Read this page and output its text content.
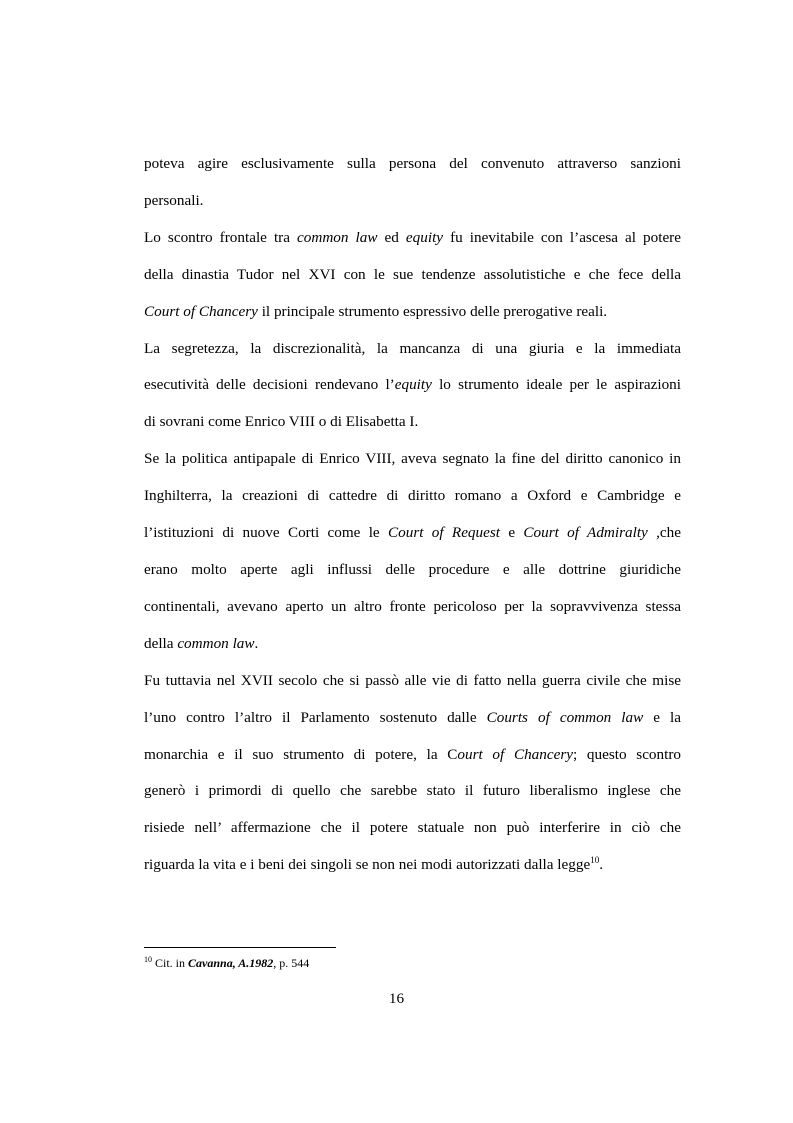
poteva agire esclusivamente sulla persona del convenuto attraverso sanzioni
personali.

Lo scontro frontale tra common law ed equity fu inevitabile con l’ascesa al potere
della dinastia Tudor nel XVI con le sue tendenze assolutistiche e che fece della
Court of Chancery il principale strumento espressivo delle prerogative reali.

La segretezza, la discrezionalità, la mancanza di una giuria e la immediata
esecutività delle decisioni rendevano l’equity lo strumento ideale per le aspirazioni
di sovrani come Enrico VIII o di Elisabetta I.

Se la politica antipapale di Enrico VIII, aveva segnato la fine del diritto canonico in
Inghilterra, la creazioni di cattedre di diritto romano a Oxford e Cambridge e
l’istituzioni di nuove Corti come le Court of Request e Court of Admiralty ,che
erano molto aperte agli influssi delle procedure e alle dottrine giuridiche
continentali, avevano aperto un altro fronte pericoloso per la sopravvivenza stessa
della common law.

Fu tuttavia nel XVII secolo che si passò alle vie di fatto nella guerra civile che mise
l’uno contro l’altro il Parlamento sostenuto dalle Courts of common law e la
monarchia e il suo strumento di potere, la Court of Chancery; questo scontro
generò i primordi di quello che sarebbe stato il futuro liberalismo inglese che
risiede nell’ affermazione che il potere statuale non può interferire in ciò che
riguarda la vita e i beni dei singoli se non nei modi autorizzati dalla legge$^{10}$.

$^{10}$ Cit. in Cavanna, A.1982, p. 544
16
